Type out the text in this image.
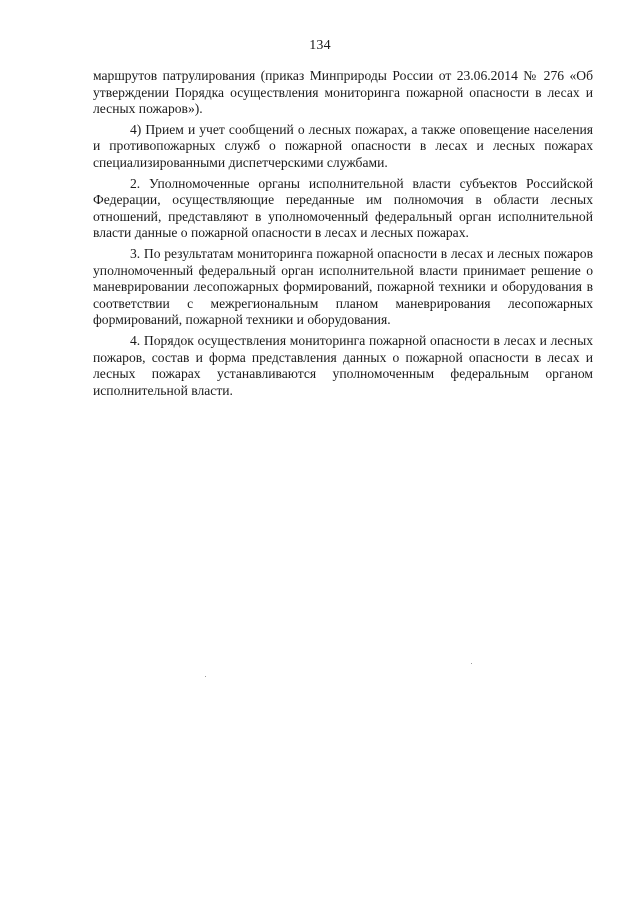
134

маршрутов патрулирования (приказ Минприроды России от 23.06.2014 № 276 «Об утверждении Порядка осуществления мониторинга пожарной опасности в лесах и лесных пожаров»).

4) Прием и учет сообщений о лесных пожарах, а также оповещение населения и противопожарных служб о пожарной опасности в лесах и лесных пожарах специализированными диспетчерскими службами.

2. Уполномоченные органы исполнительной власти субъектов Российской Федерации, осуществляющие переданные им полномочия в области лесных отношений, представляют в уполномоченный федеральный орган исполнительной власти данные о пожарной опасности в лесах и лесных пожарах.

3. По результатам мониторинга пожарной опасности в лесах и лесных пожаров уполномоченный федеральный орган исполнительной власти принимает решение о маневрировании лесопожарных формирований, пожарной техники и оборудования в соответствии с межрегиональным планом маневрирования лесопожарных формирований, пожарной техники и оборудования.

4. Порядок осуществления мониторинга пожарной опасности в лесах и лесных пожаров, состав и форма представления данных о пожарной опасности в лесах и лесных пожарах устанавливаются уполномоченным федеральным органом исполнительной власти.
